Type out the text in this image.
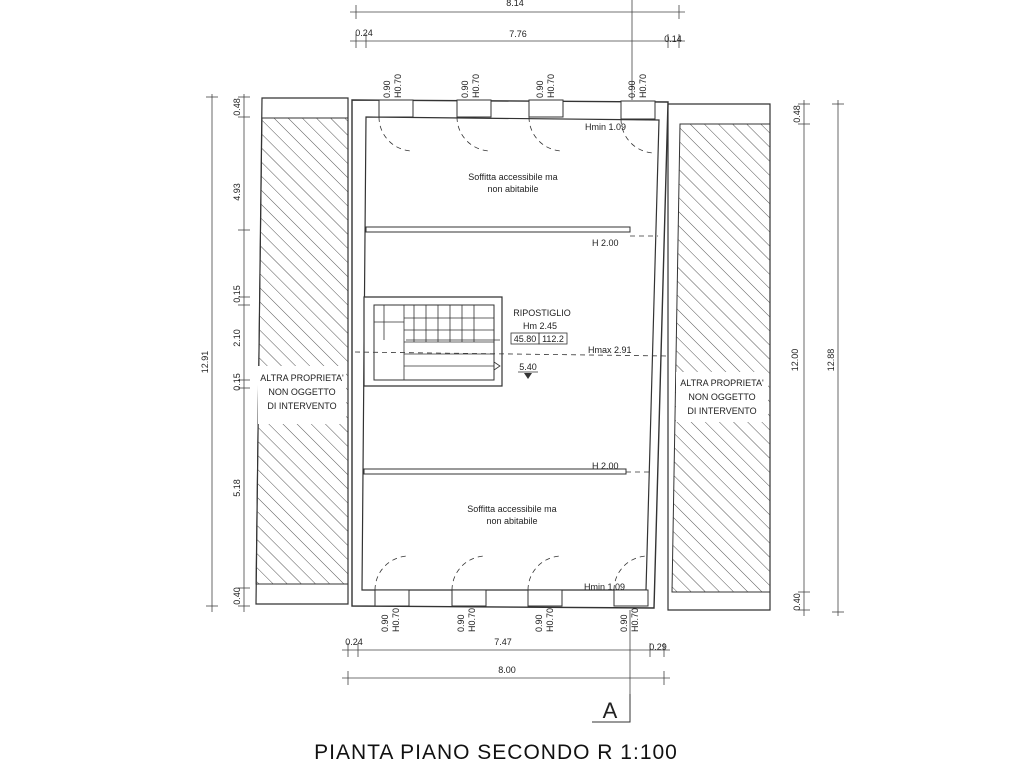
8.14
0.24	7.76	0.14
0.90 H0.70	0.90 H0.70	0.90 H0.70	0.90 H0.70
ALTRA PROPRIETA'
NON OGGETTO
DI INTERVENTO
ALTRA PROPRIETA'
NON OGGETTO
DI INTERVENTO
Soffitta accessibile ma
non abitabile
Soffitta accessibile ma
non abitabile
RIPOSTIGLIO
Hm 2.45
45.80 112.2
5.40
Hmin 1.09
Hmin 1.09
H 2.00
H 2.00
Hmax 2.91
0.90 H0.70	0.90 H0.70	0.90 H0.70	0.90 H0.70
0.24	7.47	0.29
8.00
12.91
0.48
4.93
0.15
2.10
0.15
5.18
0.40
0.48
12.00
0.40
12.88
A
PIANTA PIANO SECONDO R 1:100
